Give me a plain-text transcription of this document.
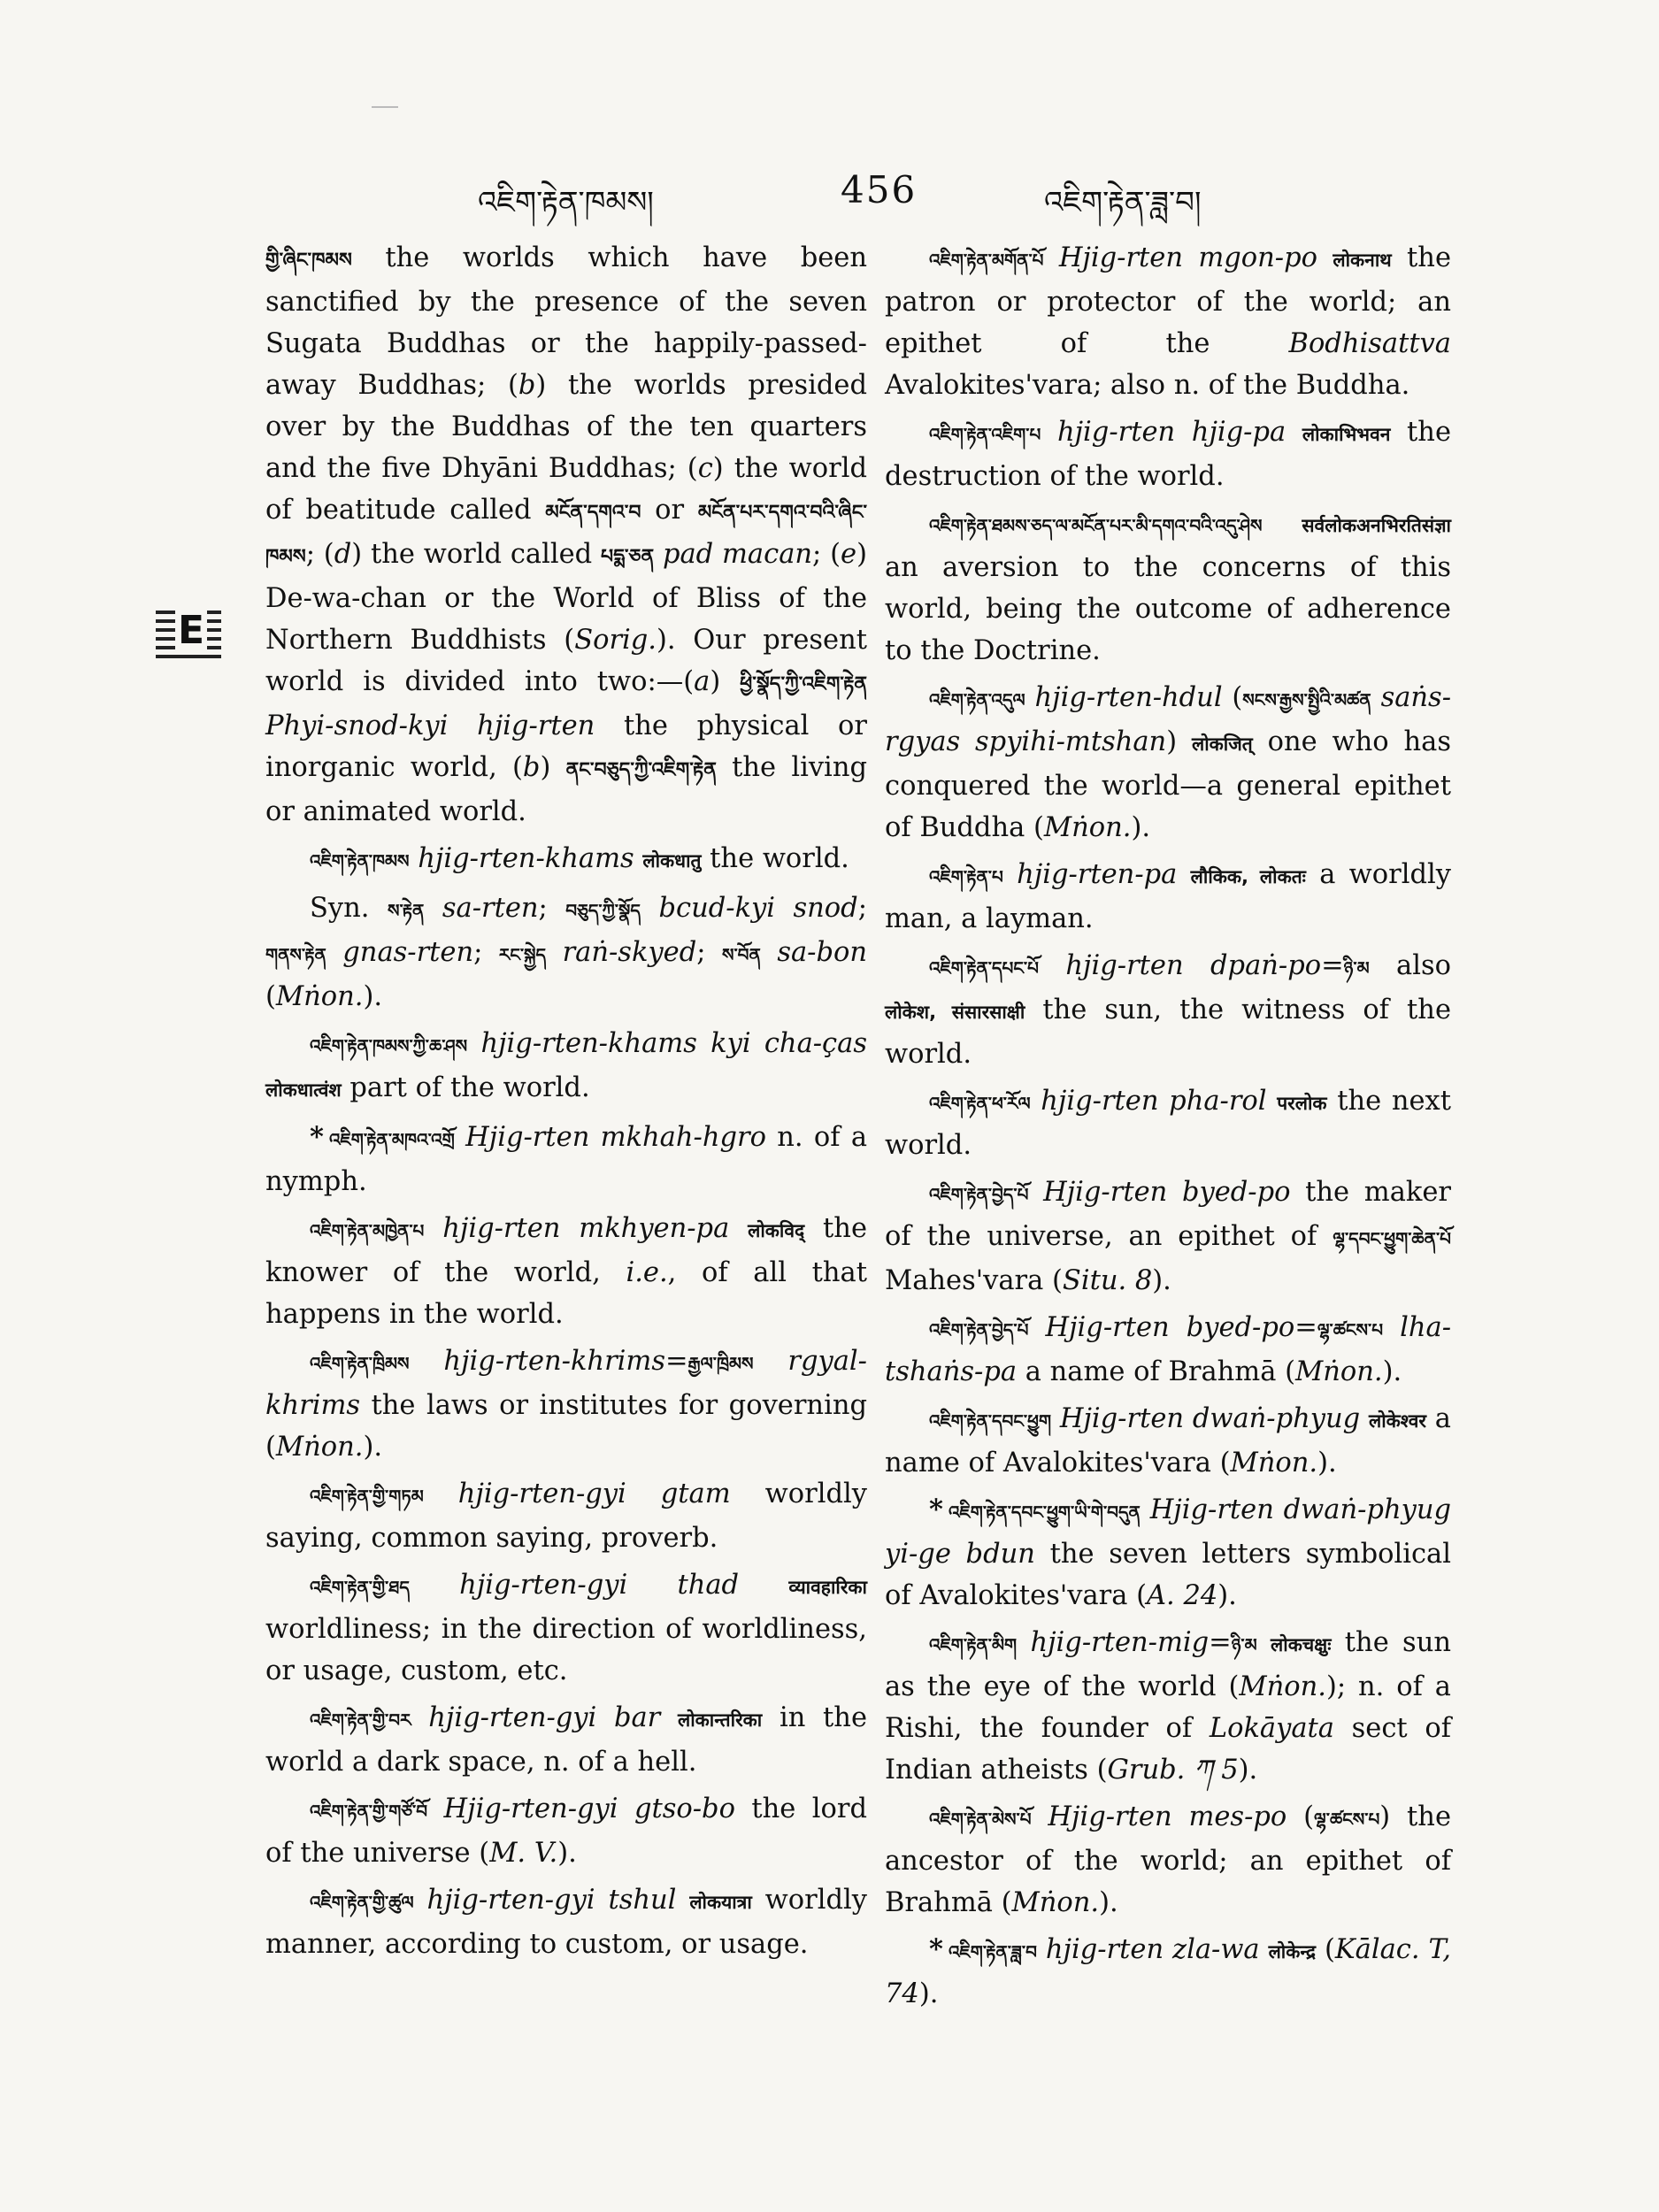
འཇིག་རྟེན་ཁམས།	456	འཇིག་རྟེན་ཟླ་བ།
E

གྱི་ཞིང་ཁམས the worlds which have been sanctified by the presence of the seven Sugata Buddhas or the happily-passed-away Buddhas; (b) the worlds presided over by the Buddhas of the ten quarters and the five Dhyāni Buddhas; (c) the world of beatitude called མངོན་དགའ་བ or མངོན་པར་དགའ་བའི་ཞིང་ཁམས; (d) the world called པདྨ་ཅན pad macan; (e) De-wa-chan or the World of Bliss of the Northern Buddhists (Sorig.). Our present world is divided into two:—(a) ཕྱི་སྣོད་ཀྱི་འཇིག་རྟེན Phyi-snod-kyi hjig-rten the physical or inorganic world, (b) ནང་བཅུད་ཀྱི་འཇིག་རྟེན the living or animated world.

འཇིག་རྟེན་ཁམས hjig-rten-khams लोकधातु the world.

Syn. ས་རྟེན sa-rten; བཅུད་ཀྱི་སྣོད bcud-kyi snod; གནས་རྟེན gnas-rten; རང་སྐྱེད raṅ-skyed; ས་བོན sa-bon (Mṅon.).

འཇིག་རྟེན་ཁམས་ཀྱི་ཆ་ཤས hjig-rten-khams kyi cha-ças लोकधात्वंश part of the world.

* འཇིག་རྟེན་མཁའ་འགྲོ Hjig-rten mkhah-hgro n. of a nymph.

འཇིག་རྟེན་མཁྱེན་པ hjig-rten mkhyen-pa लोकविद् the knower of the world, i.e., of all that happens in the world.

འཇིག་རྟེན་ཁྲིམས hjig-rten-khrims=རྒྱལ་ཁྲིམས rgyal-khrims the laws or institutes for governing (Mṅon.).

འཇིག་རྟེན་གྱི་གཏམ hjig-rten-gyi gtam worldly saying, common saying, proverb.

འཇིག་རྟེན་གྱི་ཐད hjig-rten-gyi thad	व्यावहारिका worldliness; in the direction of worldliness, or usage, custom, etc.

འཇིག་རྟེན་གྱི་བར hjig-rten-gyi bar लोकान्तरिका in the world a dark space, n. of a hell.

འཇིག་རྟེན་གྱི་གཙོ་བོ Hjig-rten-gyi gtso-bo the lord of the universe (M. V.).

འཇིག་རྟེན་གྱི་ཚུལ hjig-rten-gyi tshul लोकयात्रा worldly manner, according to custom, or usage.

འཇིག་རྟེན་མགོན་པོ Hjig-rten mgon-po लोकनाथ the patron or protector of the world; an epithet of the Bodhisattva Avalokites'vara; also n. of the Buddha.

འཇིག་རྟེན་འཇིག་པ hjig-rten hjig-pa लोकाभिभवन the destruction of the world.

འཇིག་རྟེན་ཐམས་ཅད་ལ་མངོན་པར་མི་དགའ་བའི་འདུ་ཤེས सर्वलोकअनभिरतिसंज्ञा an aversion to the concerns of this world, being the outcome of adherence to the Doctrine.

འཇིག་རྟེན་འདུལ hjig-rten-hdul (སངས་རྒྱས་སྤྱིའི་མཚན saṅs-rgyas spyihi-mtshan) लोकजित् one who has conquered the world—a general epithet of Buddha (Mṅon.).

འཇིག་རྟེན་པ hjig-rten-pa लौकिक, लोकतः a worldly man, a layman.

འཇིག་རྟེན་དཔང་པོ hjig-rten dpaṅ-po=ཉི་མ also लोकेश, संसारसाक्षी the sun, the witness of the world.

འཇིག་རྟེན་ཕ་རོལ hjig-rten pha-rol परलोक the next world.

འཇིག་རྟེན་བྱེད་པོ Hjig-rten byed-po the maker of the universe, an epithet of ལྷ་དབང་ཕྱུག་ཆེན་པོ Mahes'vara (Situ. 8).

འཇིག་རྟེན་བྱེད་པོ Hjig-rten byed-po=ལྷ་ཚངས་པ lha-tshaṅs-pa a name of Brahmā (Mṅon.).

འཇིག་རྟེན་དབང་ཕྱུག Hjig-rten dwaṅ-phyug लोकेश्वर a name of Avalokites'vara (Mṅon.).

* འཇིག་རྟེན་དབང་ཕྱུག་ཡི་གེ་བདུན Hjig-rten dwaṅ-phyug yi-ge bdun the seven letters symbolical of Avalokites'vara (A. 24).

འཇིག་རྟེན་མིག hjig-rten-mig=ཉི་མ लोकचक्षुः the sun as the eye of the world (Mṅon.); n. of a Rishi, the founder of Lokāyata sect of Indian atheists (Grub. ཀ 5).

འཇིག་རྟེན་མེས་པོ Hjig-rten mes-po (ལྷ་ཚངས་པ) the ancestor of the world; an epithet of Brahmā (Mṅon.).

* འཇིག་རྟེན་ཟླ་བ hjig-rten zla-wa लोकेन्द्र (Kālac. T, 74).
